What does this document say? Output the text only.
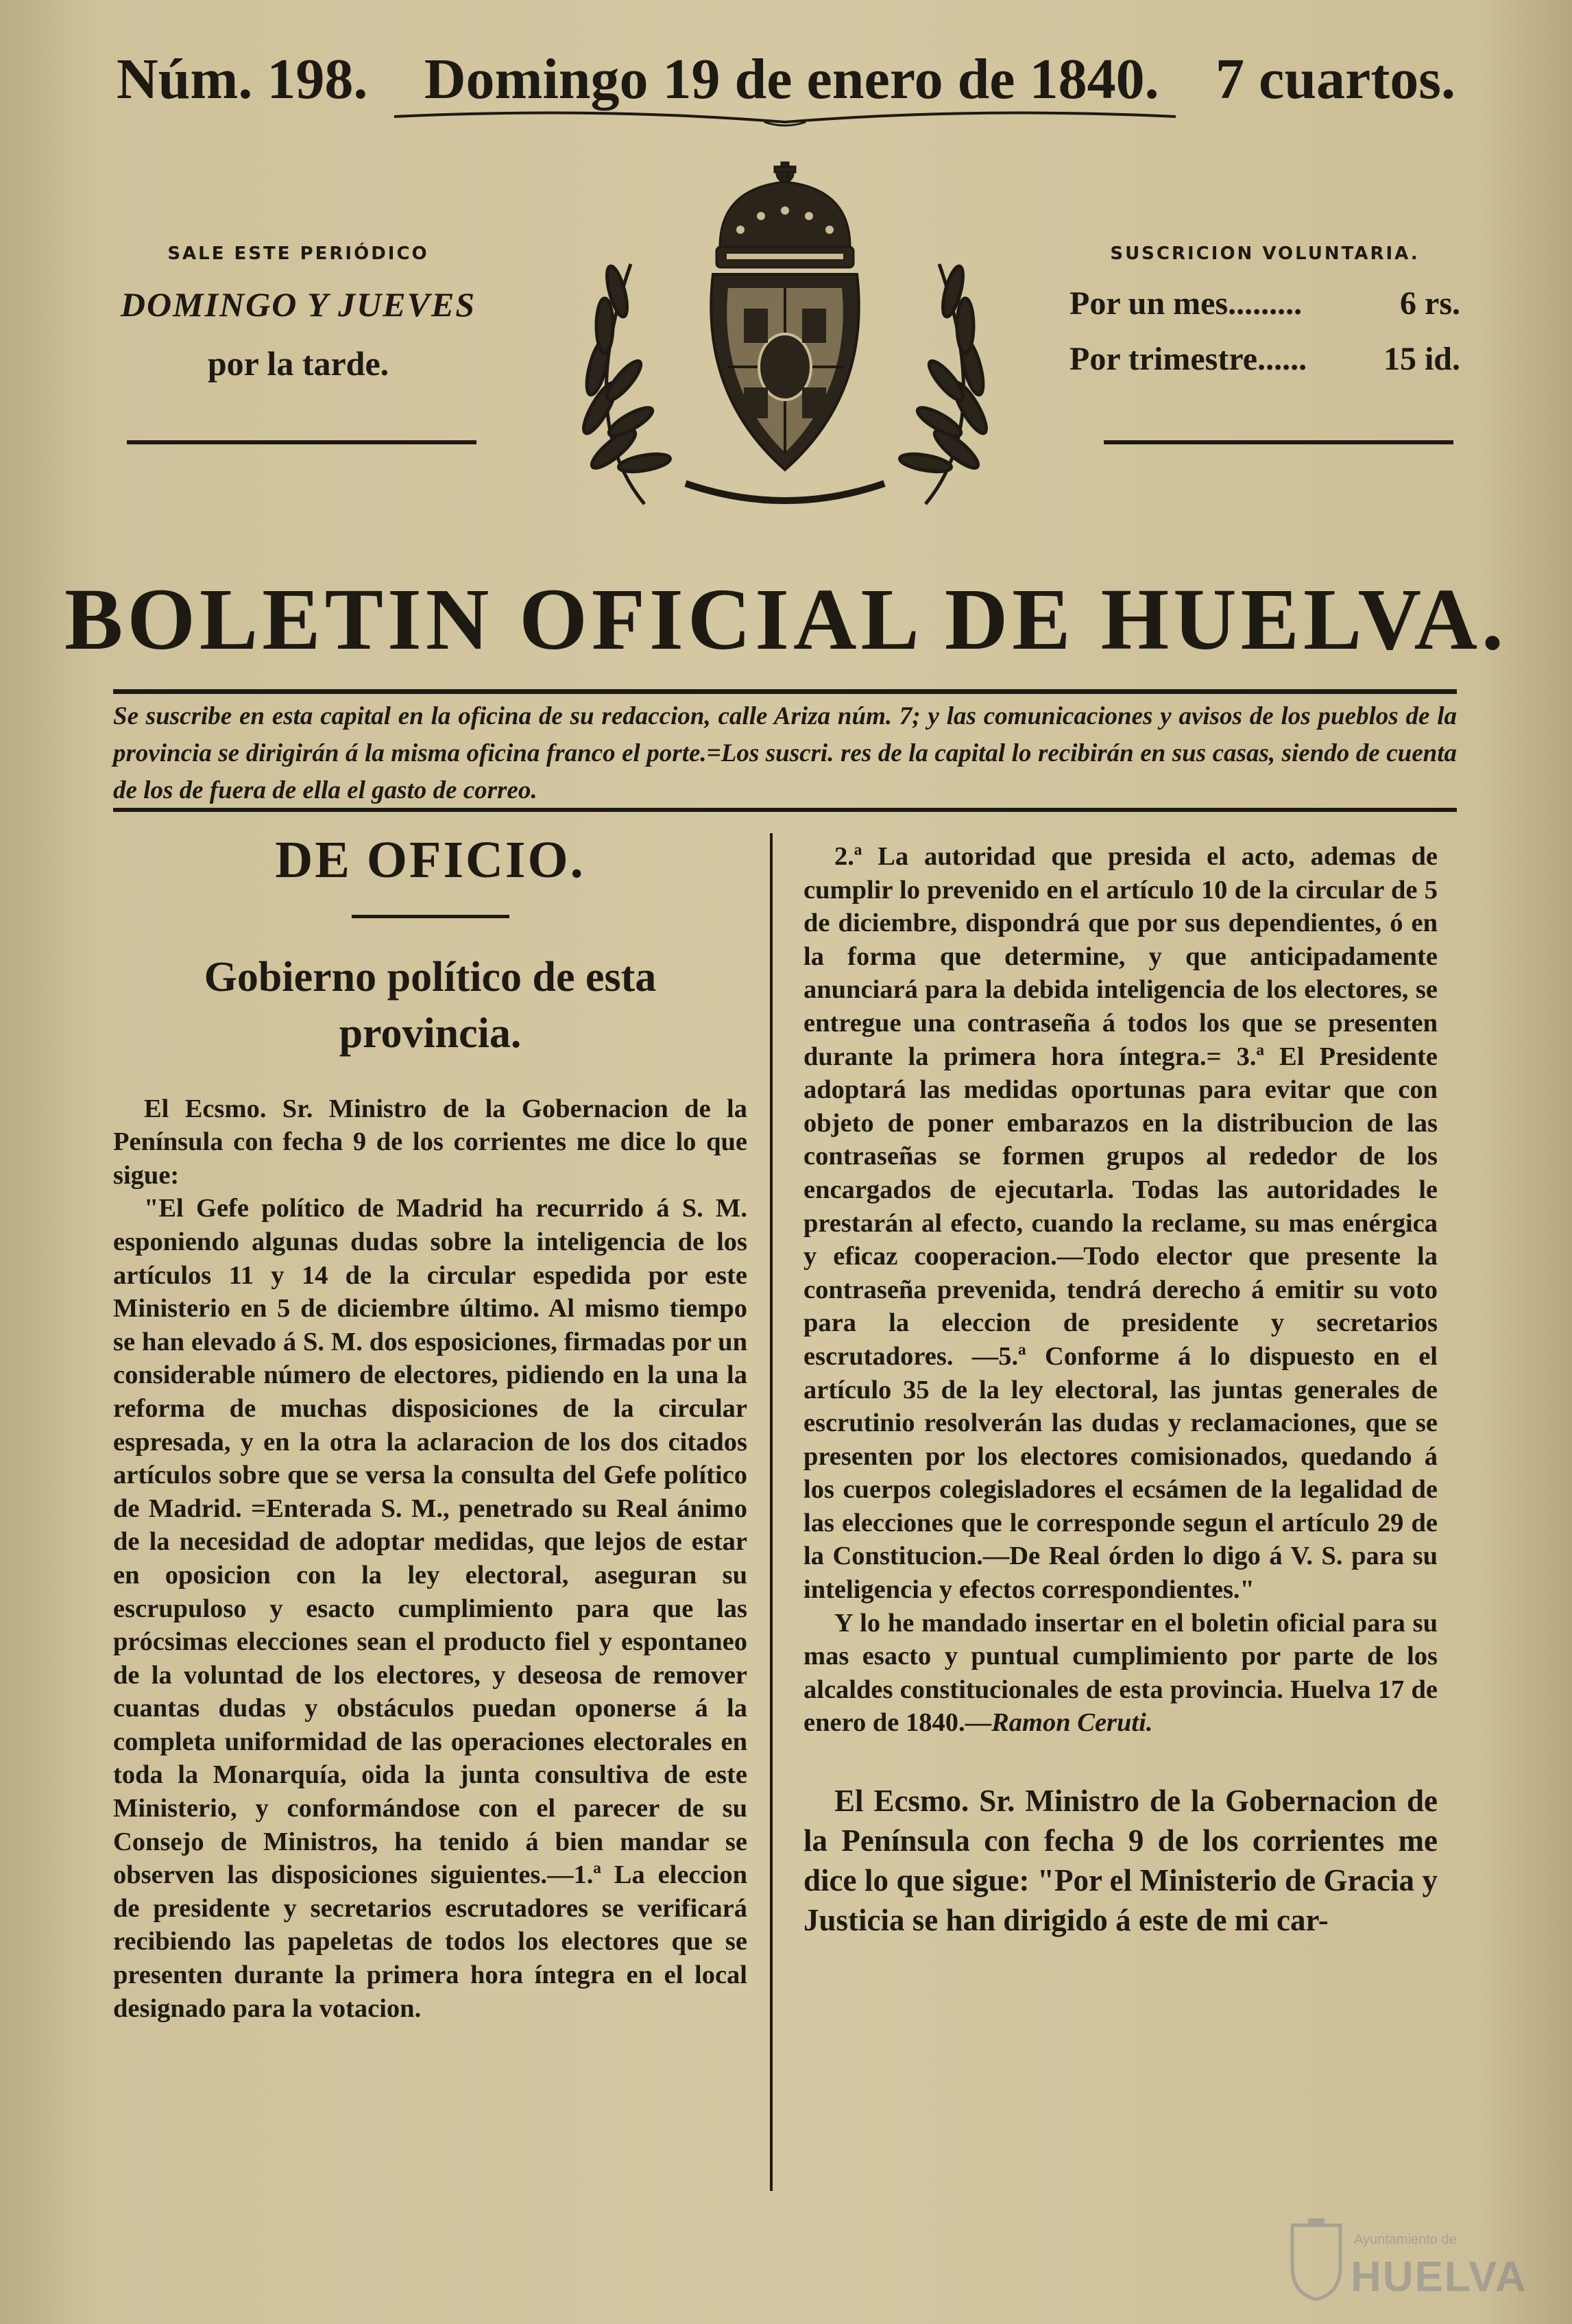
Núm. 198. Domingo 19 de enero de 1840. 7 cuartos.
SALE ESTE PERIÓDICO
DOMINGO Y JUEVES
por la tarde.
SUSCRICION VOLUNTARIA.
Por un mes.........	6 rs.
Por trimestre...... 15 id.
BOLETIN OFICIAL DE HUELVA.
Se suscribe en esta capital en la oficina de su redaccion, calle Ariza núm. 7; y las comunicaciones y avisos de los pueblos de la provincia se dirigirán á la misma oficina franco el porte.=Los suscri. res de la capital lo recibirán en sus casas, siendo de cuenta de los de fuera de ella el gasto de correo.
DE OFICIO.
Gobierno político de esta provincia.

El Ecsmo. Sr. Ministro de la Gobernacion de la Península con fecha 9 de los corrientes me dice lo que sigue:

"El Gefe político de Madrid ha recurrido á S. M. esponiendo algunas dudas sobre la inteligencia de los artículos 11 y 14 de la circular espedida por este Ministerio en 5 de diciembre último. Al mismo tiempo se han elevado á S. M. dos esposiciones, firmadas por un considerable número de electores, pidiendo en la una la reforma de muchas disposiciones de la circular espresada, y en la otra la aclaracion de los dos citados artículos sobre que se versa la consulta del Gefe político de Madrid. =Enterada S. M., penetrado su Real ánimo de la necesidad de adoptar medidas, que lejos de estar en oposicion con la ley electoral, aseguran su escrupuloso y esacto cumplimiento para que las prócsimas elecciones sean el producto fiel y espontaneo de la voluntad de los electores, y deseosa de remover cuantas dudas y obstáculos puedan oponerse á la completa uniformidad de las operaciones electorales en toda la Monarquía, oida la junta consultiva de este Ministerio, y conformándose con el parecer de su Consejo de Ministros, ha tenido á bien mandar se observen las disposiciones siguientes.—1.ª La eleccion de presidente y secretarios escrutadores se verificará recibiendo las papeletas de todos los electores que se presenten durante la primera hora íntegra en el local designado para la votacion.

2.ª La autoridad que presida el acto, ademas de cumplir lo prevenido en el artículo 10 de la circular de 5 de diciembre, dispondrá que por sus dependientes, ó en la forma que determine, y que anticipadamente anunciará para la debida inteligencia de los electores, se entregue una contraseña á todos los que se presenten durante la primera hora íntegra.= 3.ª El Presidente adoptará las medidas oportunas para evitar que con objeto de poner embarazos en la distribucion de las contraseñas se formen grupos al rededor de los encargados de ejecutarla. Todas las autoridades le prestarán al efecto, cuando la reclame, su mas enérgica y eficaz cooperacion.—Todo elector que presente la contraseña prevenida, tendrá derecho á emitir su voto para la eleccion de presidente y secretarios escrutadores. —5.ª Conforme á lo dispuesto en el artículo 35 de la ley electoral, las juntas generales de escrutinio resolverán las dudas y reclamaciones, que se presenten por los electores comisionados, quedando á los cuerpos colegisladores el ecsámen de la legalidad de las elecciones que le corresponde segun el artículo 29 de la Constitucion.—De Real órden lo digo á V. S. para su inteligencia y efectos correspondientes."

Y lo he mandado insertar en el boletin oficial para su mas esacto y puntual cumplimiento por parte de los alcaldes constitucionales de esta provincia. Huelva 17 de enero de 1840.—Ramon Ceruti.

El Ecsmo. Sr. Ministro de la Gobernacion de la Península con fecha 9 de los corrientes me dice lo que sigue: "Por el Ministerio de Gracia y Justicia se han dirigido á este de mi car-

Ayuntamiento de
HUELVA
